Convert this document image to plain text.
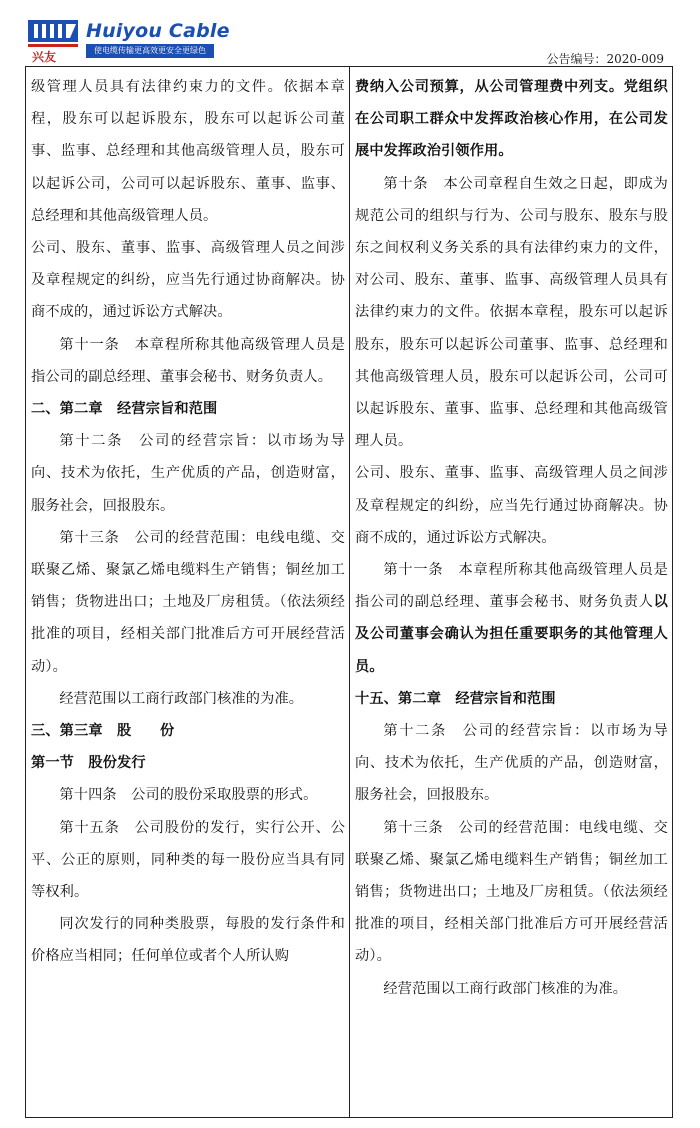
兴友
Huiyou Cable
使电缆传输更高效更安全更绿色
公告编号：2020-009

级管理人员具有法律约束力的文件。依据本章程，股东可以起诉股东，股东可以起诉公司董事、监事、总经理和其他高级管理人员，股东可以起诉公司，公司可以起诉股东、董事、监事、总经理和其他高级管理人员。

公司、股东、董事、监事、高级管理人员之间涉及章程规定的纠纷，应当先行通过协商解决。协商不成的，通过诉讼方式解决。

第十一条　本章程所称其他高级管理人员是指公司的副总经理、董事会秘书、财务负责人。

二、第二章　经营宗旨和范围

第十二条　公司的经营宗旨：以市场为导向、技术为依托，生产优质的产品，创造财富，服务社会，回报股东。

第十三条　公司的经营范围：电线电缆、交联聚乙烯、聚氯乙烯电缆料生产销售；铜丝加工销售；货物进出口；土地及厂房租赁。（依法须经批准的项目，经相关部门批准后方可开展经营活动）。

经营范围以工商行政部门核准的为准。

三、第三章　股　　份

第一节　股份发行

第十四条　公司的股份采取股票的形式。

第十五条　公司股份的发行，实行公开、公平、公正的原则，同种类的每一股份应当具有同等权利。

同次发行的同种类股票，每股的发行条件和价格应当相同；任何单位或者个人所认购

费纳入公司预算，从公司管理费中列支。党组织在公司职工群众中发挥政治核心作用，在公司发展中发挥政治引领作用。

第十条　本公司章程自生效之日起，即成为规范公司的组织与行为、公司与股东、股东与股东之间权利义务关系的具有法律约束力的文件，对公司、股东、董事、监事、高级管理人员具有法律约束力的文件。依据本章程，股东可以起诉股东，股东可以起诉公司董事、监事、总经理和其他高级管理人员，股东可以起诉公司，公司可以起诉股东、董事、监事、总经理和其他高级管理人员。

公司、股东、董事、监事、高级管理人员之间涉及章程规定的纠纷，应当先行通过协商解决。协商不成的，通过诉讼方式解决。

第十一条　本章程所称其他高级管理人员是指公司的副总经理、董事会秘书、财务负责人以及公司董事会确认为担任重要职务的其他管理人员。

十五、第二章　经营宗旨和范围

第十二条　公司的经营宗旨：以市场为导向、技术为依托，生产优质的产品，创造财富，服务社会，回报股东。

第十三条　公司的经营范围：电线电缆、交联聚乙烯、聚氯乙烯电缆料生产销售；铜丝加工销售；货物进出口；土地及厂房租赁。（依法须经批准的项目，经相关部门批准后方可开展经营活动）。

经营范围以工商行政部门核准的为准。
